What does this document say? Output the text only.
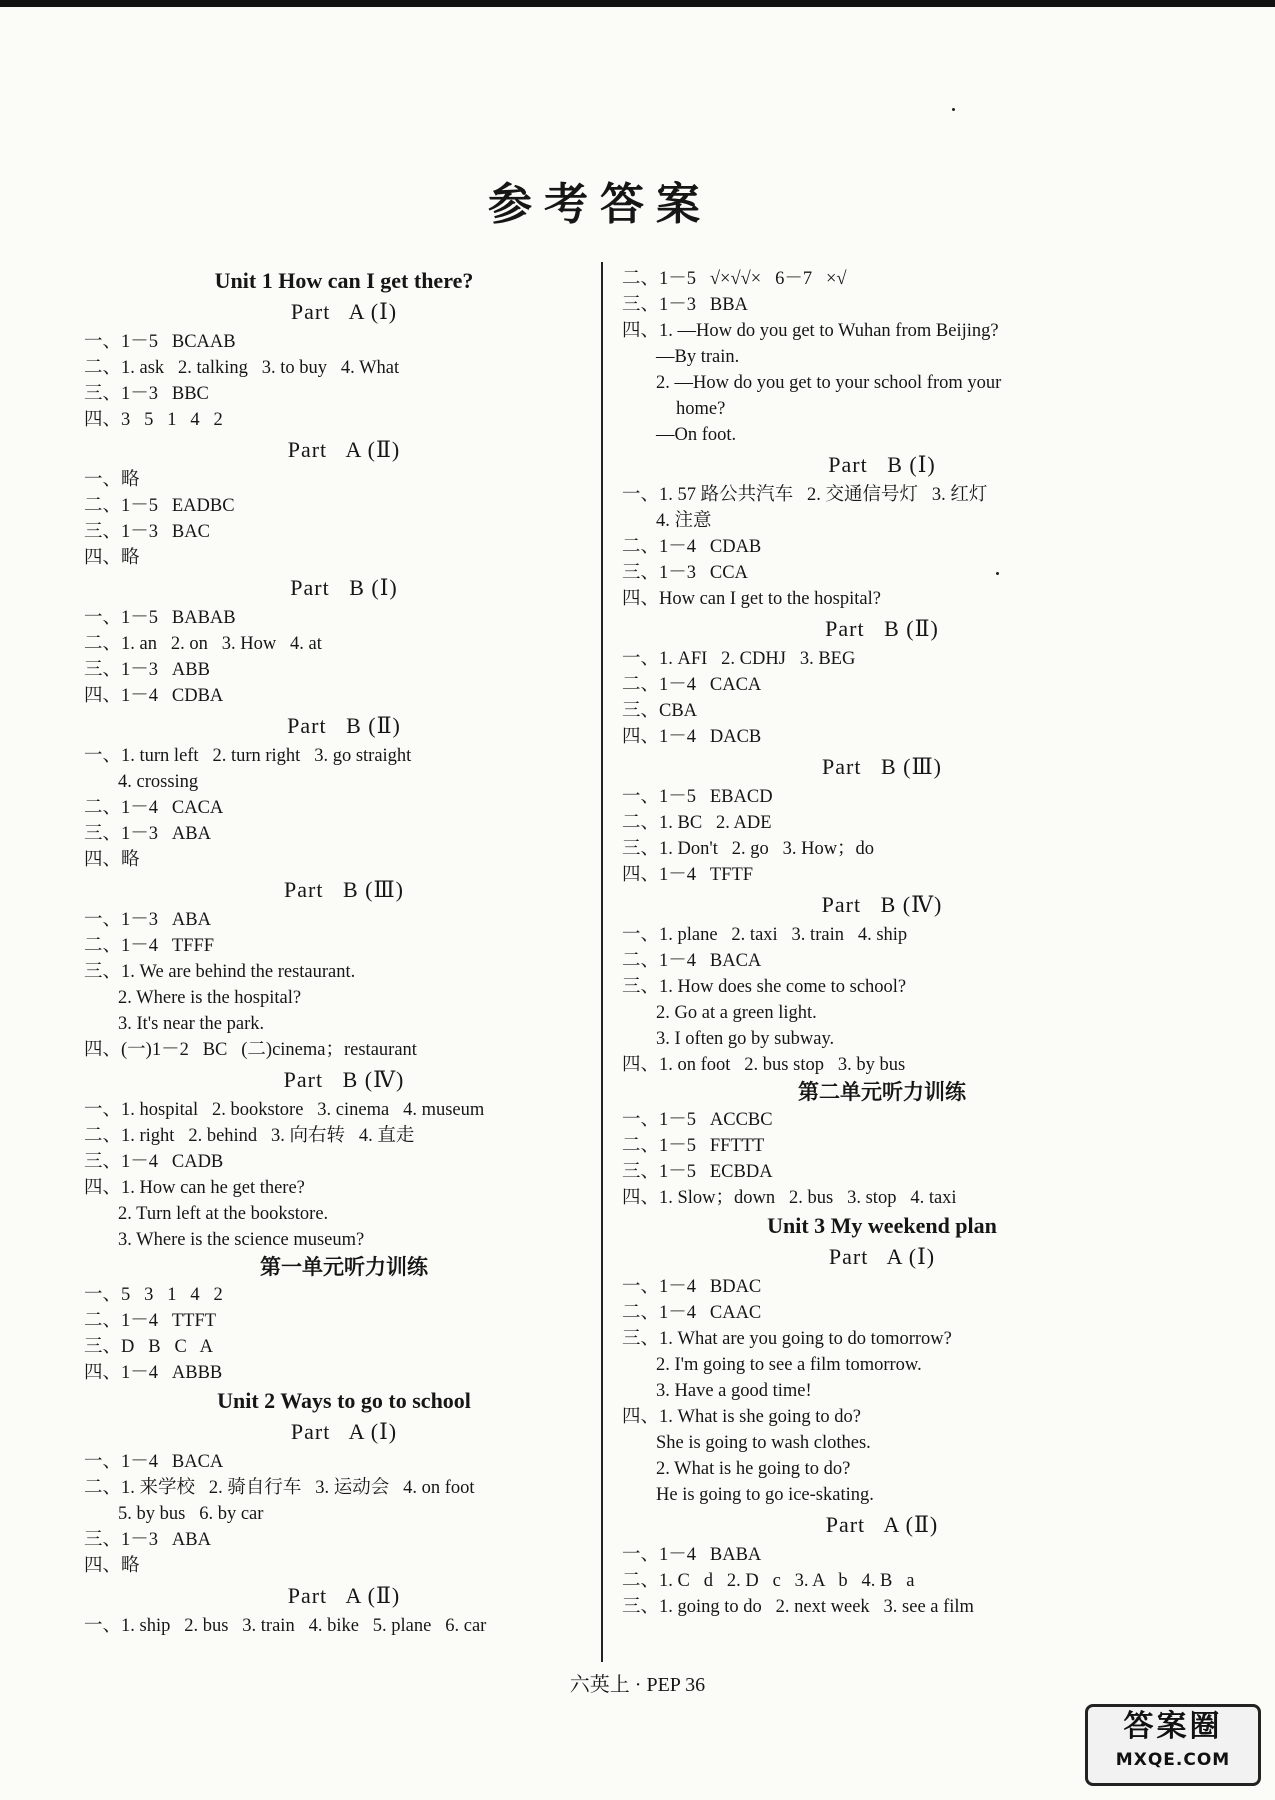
参考答案
Unit 1 How can I get there?
Part   A (Ⅰ)
一、1－5   BCAAB
二、1. ask   2. talking   3. to buy   4. What
三、1－3   BBC
四、3   5   1   4   2
Part   A (Ⅱ)
一、略
二、1－5   EADBC
三、1－3   BAC
四、略
Part   B (Ⅰ)
一、1－5   BABAB
二、1. an   2. on   3. How   4. at
三、1－3   ABB
四、1－4   CDBA
Part   B (Ⅱ)
一、1. turn left   2. turn right   3. go straight
4. crossing
二、1－4   CACA
三、1－3   ABA
四、略
Part   B (Ⅲ)
一、1－3   ABA
二、1－4   TFFF
三、1. We are behind the restaurant.
2. Where is the hospital?
3. It's near the park.
四、(一)1－2   BC   (二)cinema；restaurant
Part   B (Ⅳ)
一、1. hospital   2. bookstore   3. cinema   4. museum
二、1. right   2. behind   3. 向右转   4. 直走
三、1－4   CADB
四、1. How can he get there?
2. Turn left at the bookstore.
3. Where is the science museum?
第一单元听力训练
一、5   3   1   4   2
二、1－4   TTFT
三、D   B   C   A
四、1－4   ABBB
Unit 2 Ways to go to school
Part   A (Ⅰ)
一、1－4   BACA
二、1. 来学校   2. 骑自行车   3. 运动会   4. on foot
5. by bus   6. by car
三、1－3   ABA
四、略
Part   A (Ⅱ)
一、1. ship   2. bus   3. train   4. bike   5. plane   6. car
二、1－5   √×√√×   6－7   ×√
三、1－3   BBA
四、1. —How do you get to Wuhan from Beijing?
—By train.
2. —How do you get to your school from your
home?
—On foot.
Part   B (Ⅰ)
一、1. 57 路公共汽车   2. 交通信号灯   3. 红灯
4. 注意
二、1－4   CDAB
三、1－3   CCA
四、How can I get to the hospital?
Part   B (Ⅱ)
一、1. AFI   2. CDHJ   3. BEG
二、1－4   CACA
三、CBA
四、1－4   DACB
Part   B (Ⅲ)
一、1－5   EBACD
二、1. BC   2. ADE
三、1. Don't   2. go   3. How；do
四、1－4   TFTF
Part   B (Ⅳ)
一、1. plane   2. taxi   3. train   4. ship
二、1－4   BACA
三、1. How does she come to school?
2. Go at a green light.
3. I often go by subway.
四、1. on foot   2. bus stop   3. by bus
第二单元听力训练
一、1－5   ACCBC
二、1－5   FFTTT
三、1－5   ECBDA
四、1. Slow；down   2. bus   3. stop   4. taxi
Unit 3 My weekend plan
Part   A (Ⅰ)
一、1－4   BDAC
二、1－4   CAAC
三、1. What are you going to do tomorrow?
2. I'm going to see a film tomorrow.
3. Have a good time!
四、1. What is she going to do?
She is going to wash clothes.
2. What is he going to do?
He is going to go ice-skating.
Part   A (Ⅱ)
一、1－4   BABA
二、1. C   d   2. D   c   3. A   b   4. B   a
三、1. going to do   2. next week   3. see a film
六英上 · PEP 36
答案圈
MXQE.COM
